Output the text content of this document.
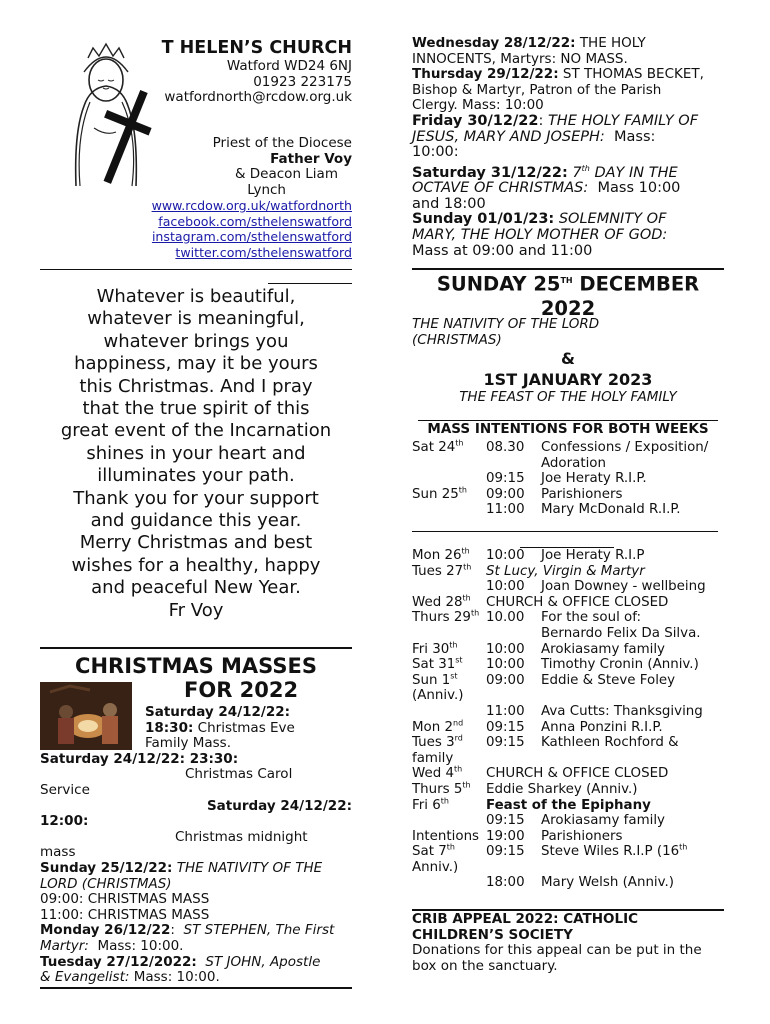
T HELEN’S CHURCH
Watford WD24 6NJ
01923 223175
watfordnorth@rcdow.org.uk
Priest of the Diocese
Father Voy
& Deacon Liam
Lynch
www.rcdow.org.uk/watfordnorth
facebook.com/sthelenswatford
instagram.com/sthelenswatford
twitter.com/sthelenswatford
Whatever is beautiful,
whatever is meaningful,
whatever brings you
happiness, may it be yours
this Christmas. And I pray
that the true spirit of this
great event of the Incarnation
shines in your heart and
illuminates your path.
Thank you for your support
and guidance this year.
Merry Christmas and best
wishes for a healthy, happy
and peaceful New Year.
Fr Voy
CHRISTMAS MASSES
FOR 2022
Saturday 24/12/22:
18:30: Christmas Eve
Family Mass.
Saturday 24/12/22: 23:30:
Christmas Carol
Service
Saturday 24/12/22:
12:00:
Christmas midnight
mass
Sunday 25/12/22: THE NATIVITY OF THE
LORD (CHRISTMAS)
09:00: CHRISTMAS MASS
11:00: CHRISTMAS MASS
Monday 26/12/22:  ST STEPHEN, The First
Martyr: Mass: 10:00.
Tuesday 27/12/2022: ST JOHN, Apostle
& Evangelist: Mass: 10:00.
Wednesday 28/12/22: THE HOLY
INNOCENTS, Martyrs: NO MASS.
Thursday 29/12/22: ST THOMAS BECKET,
Bishop & Martyr, Patron of the Parish
Clergy. Mass: 10:00
Friday 30/12/22: THE HOLY FAMILY OF
JESUS, MARY AND JOSEPH: Mass:
10:00:
Saturday 31/12/22: 7th DAY IN THE
OCTAVE OF CHRISTMAS: Mass 10:00
and 18:00
Sunday 01/01/23: SOLEMNITY OF
MARY, THE HOLY MOTHER OF GOD:
Mass at 09:00 and 11:00
SUNDAY 25TH DECEMBER
2022
THE NATIVITY OF THE LORD
(CHRISTMAS)
&
1ST JANUARY 2023
THE FEAST OF THE HOLY FAMILY
MASS INTENTIONS FOR BOTH WEEKS
Sat 24th 08.30 Confessions / Exposition/
Adoration
09:15 Joe Heraty R.I.P.
Sun 25th 09:00 Parishioners
11:00 Mary McDonald R.I.P.
Mon 26th 10:00 Joe Heraty R.I.P
Tues 27th St Lucy, Virgin & Martyr
10:00 Joan Downey - wellbeing
Wed 28th CHURCH & OFFICE CLOSED
Thurs 29th 10.00 For the soul of:
Bernardo Felix Da Silva.
Fri 30th 10:00 Arokiasamy family
Sat 31st 10:00 Timothy Cronin (Anniv.)
Sun 1st 09:00 Eddie & Steve Foley
(Anniv.)
11:00 Ava Cutts: Thanksgiving
Mon 2nd 09:15 Anna Ponzini R.I.P.
Tues 3rd 09:15 Kathleen Rochford &
family
Wed 4th CHURCH & OFFICE CLOSED
Thurs 5th Eddie Sharkey (Anniv.)
Fri 6th	Feast of the Epiphany
09:15 Arokiasamy family
Intentions 19:00 Parishioners
Sat 7th 09:15 Steve Wiles R.I.P (16th
Anniv.)
18:00 Mary Welsh (Anniv.)
CRIB APPEAL 2022: CATHOLIC CHILDREN’S SOCIETY
Donations for this appeal can be put in the box on the sanctuary.
